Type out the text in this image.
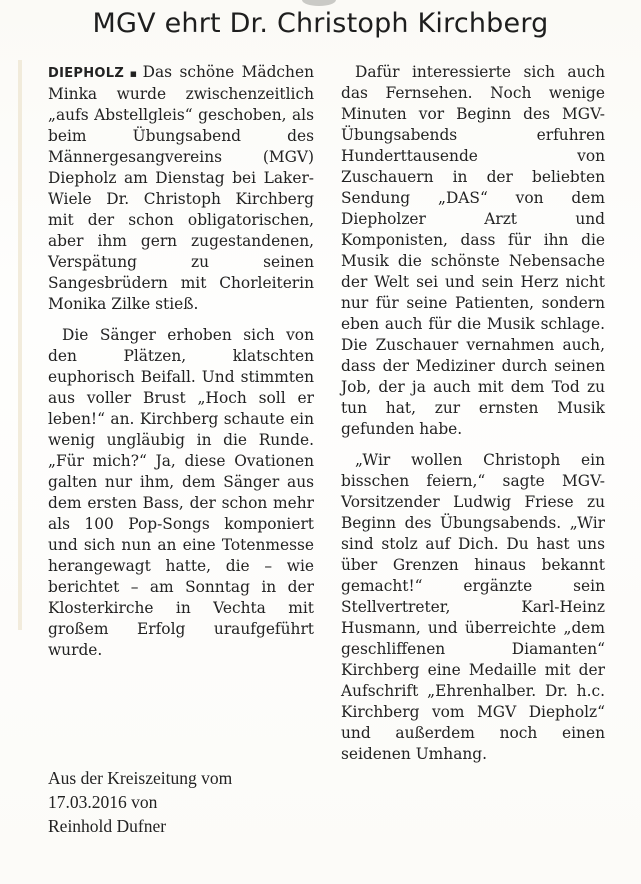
MGV ehrt Dr. Christoph Kirchberg

DIEPHOLZ ▪ Das schöne Mädchen Minka wurde zwischenzeitlich „aufs Abstellgleis“ geschoben, als beim Übungsabend des Männergesangvereins (MGV) Diepholz am Dienstag bei Laker-Wiele Dr. Christoph Kirchberg mit der schon obligatorischen, aber ihm gern zugestandenen, Verspätung zu seinen Sangesbrüdern mit Chorleiterin Monika Zilke stieß.

Die Sänger erhoben sich von den Plätzen, klatschten euphorisch Beifall. Und stimmten aus voller Brust „Hoch soll er leben!“ an. Kirchberg schaute ein wenig ungläubig in die Runde. „Für mich?“ Ja, diese Ovationen galten nur ihm, dem Sänger aus dem ersten Bass, der schon mehr als 100 Pop-Songs komponiert und sich nun an eine Totenmesse herangewagt hatte, die – wie berichtet – am Sonntag in der Klosterkirche in Vechta mit großem Erfolg uraufgeführt wurde.

Dafür interessierte sich auch das Fernsehen. Noch wenige Minuten vor Beginn des MGV-Übungsabends erfuhren Hunderttausende von Zuschauern in der beliebten Sendung „DAS“ von dem Diepholzer Arzt und Komponisten, dass für ihn die Musik die schönste Nebensache der Welt sei und sein Herz nicht nur für seine Patienten, sondern eben auch für die Musik schlage. Die Zuschauer vernahmen auch, dass der Mediziner durch seinen Job, der ja auch mit dem Tod zu tun hat, zur ernsten Musik gefunden habe.

„Wir wollen Christoph ein bisschen feiern,“ sagte MGV-Vorsitzender Ludwig Friese zu Beginn des Übungsabends. „Wir sind stolz auf Dich. Du hast uns über Grenzen hinaus bekannt gemacht!“ ergänzte sein Stellvertreter, Karl-Heinz Husmann, und überreichte „dem geschliffenen Diamanten“ Kirchberg eine Medaille mit der Aufschrift „Ehrenhalber. Dr. h.c. Kirchberg vom MGV Diepholz“ und außerdem noch einen seidenen Umhang.

Aus der Kreiszeitung vom
17.03.2016 von
Reinhold Dufner
